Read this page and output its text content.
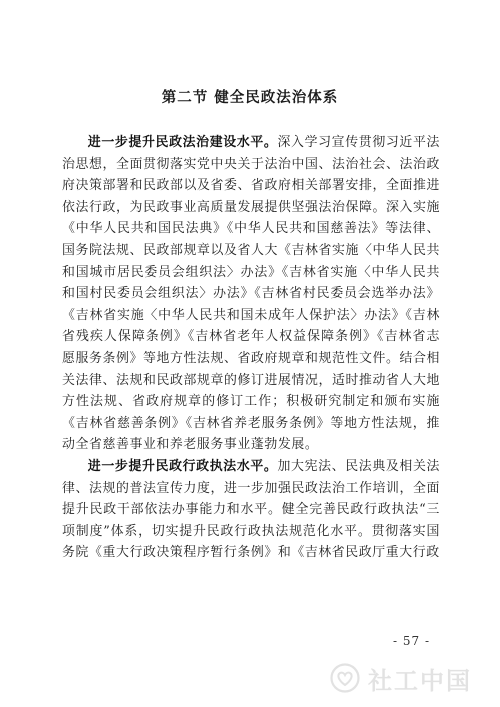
第二节 健全民政法治体系

进一步提升民政法治建设水平。深入学习宣传贯彻习近平法治思想，全面贯彻落实党中央关于法治中国、法治社会、法治政府决策部署和民政部以及省委、省政府相关部署安排，全面推进依法行政，为民政事业高质量发展提供坚强法治保障。深入实施《中华人民共和国民法典》《中华人民共和国慈善法》等法律、国务院法规、民政部规章以及省人大《吉林省实施〈中华人民共和国城市居民委员会组织法〉办法》《吉林省实施〈中华人民共和国村民委员会组织法〉办法》《吉林省村民委员会选举办法》《吉林省实施〈中华人民共和国未成年人保护法〉办法》《吉林省残疾人保障条例》《吉林省老年人权益保障条例》《吉林省志愿服务条例》等地方性法规、省政府规章和规范性文件。结合相关法律、法规和民政部规章的修订进展情况，适时推动省人大地方性法规、省政府规章的修订工作；积极研究制定和颁布实施《吉林省慈善条例》《吉林省养老服务条例》等地方性法规，推动全省慈善事业和养老服务事业蓬勃发展。

进一步提升民政行政执法水平。加大宪法、民法典及相关法律、法规的普法宣传力度，进一步加强民政法治工作培训，全面提升民政干部依法办事能力和水平。健全完善民政行政执法“三项制度”体系，切实提升民政行政执法规范化水平。贯彻落实国务院《重大行政决策程序暂行条例》和《吉林省民政厅重大行政

- 57 -
社工中国
